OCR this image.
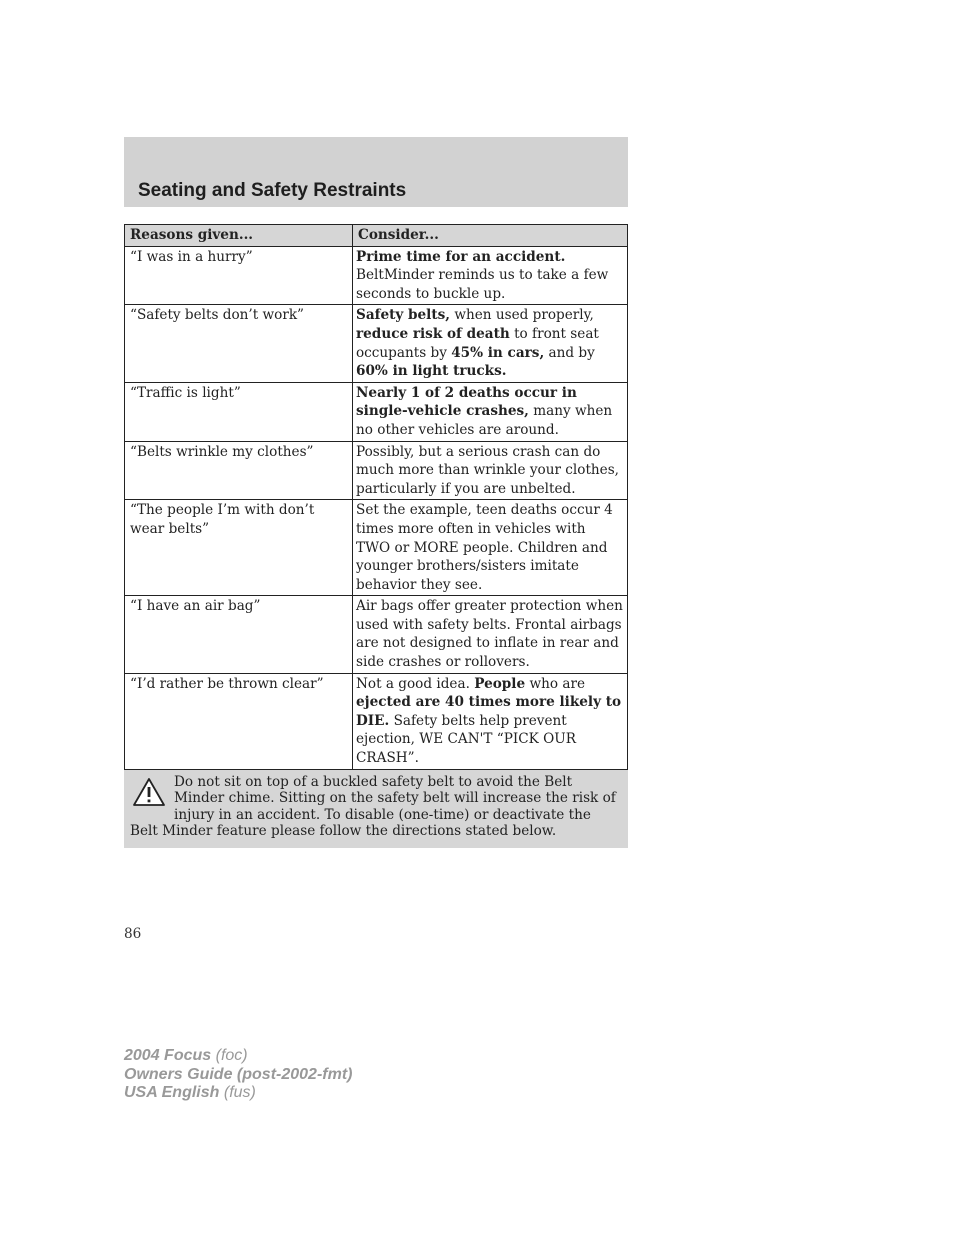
Seating and Safety Restraints
Reasons given...	Consider...
“I was in a hurry”	Prime time for an accident. BeltMinder reminds us to take a few seconds to buckle up.
“Safety belts don’t work”	Safety belts, when used properly, reduce risk of death to front seat occupants by 45% in cars, and by 60% in light trucks.
“Traffic is light”	Nearly 1 of 2 deaths occur in single-vehicle crashes, many when no other vehicles are around.
“Belts wrinkle my clothes”	Possibly, but a serious crash can do much more than wrinkle your clothes, particularly if you are unbelted.
“The people I’m with don’t wear belts”	Set the example, teen deaths occur 4 times more often in vehicles with TWO or MORE people. Children and younger brothers/sisters imitate behavior they see.
“I have an air bag”	Air bags offer greater protection when used with safety belts. Frontal airbags are not designed to inflate in rear and side crashes or rollovers.
“I’d rather be thrown clear”	Not a good idea. People who are ejected are 40 times more likely to DIE. Safety belts help prevent ejection, WE CAN'T “PICK OUR CRASH”.
Do not sit on top of a buckled safety belt to avoid the Belt Minder chime. Sitting on the safety belt will increase the risk of injury in an accident. To disable (one-time) or deactivate the Belt Minder feature please follow the directions stated below.
86
2004 Focus (foc)
Owners Guide (post-2002-fmt)
USA English (fus)
